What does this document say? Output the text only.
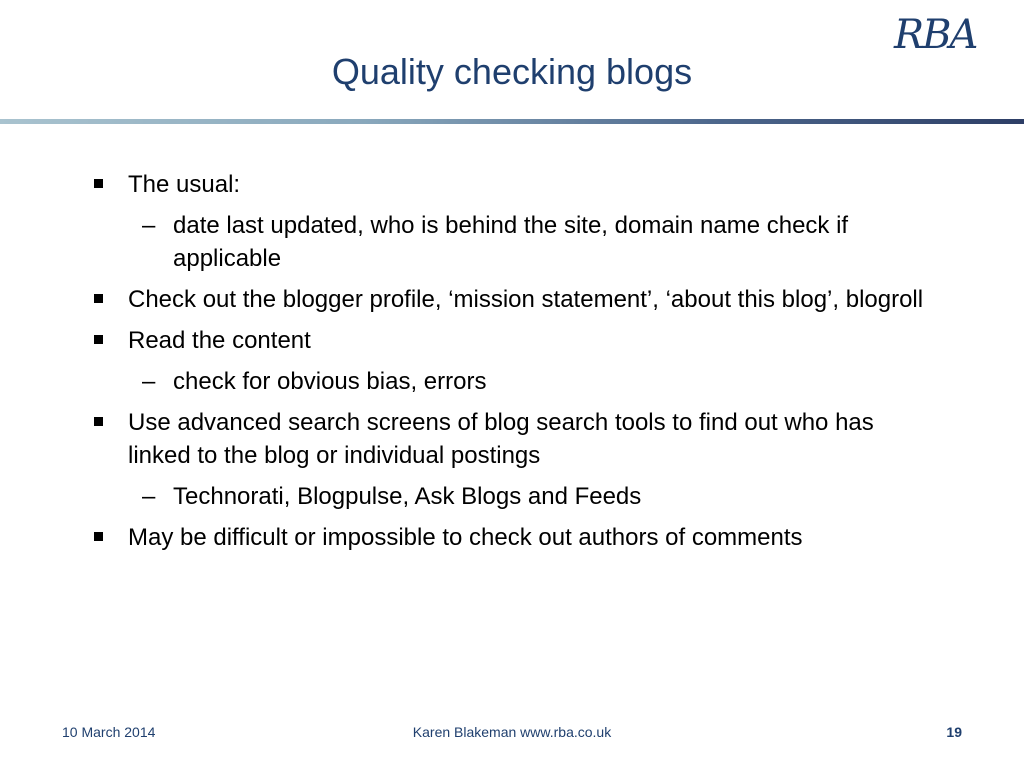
RBA
Quality checking blogs
The usual:
– date last updated, who is behind the site, domain name check if applicable
Check out the blogger profile, ‘mission statement’, ‘about this blog’, blogroll
Read the content
– check for obvious bias, errors
Use advanced search screens of blog search tools to find out who has linked to the blog or individual postings
– Technorati, Blogpulse, Ask Blogs and Feeds
May be difficult or impossible to check out authors of comments
10 March 2014	Karen Blakeman www.rba.co.uk	19
